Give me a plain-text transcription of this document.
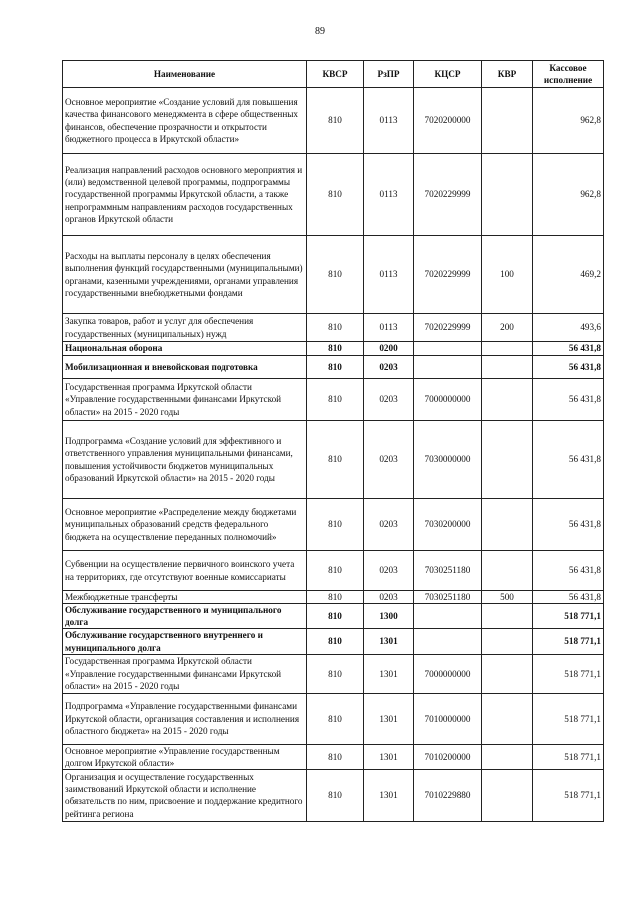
89
Наименование	КВСР	РзПР	КЦСР	КВР	Кассовое исполнение
Основное мероприятие «Создание условий для повышения качества финансового менеджмента в сфере общественных финансов, обеспечение прозрачности и открытости бюджетного процесса в Иркутской области»	810	0113	7020200000		962,8
Реализация направлений расходов основного мероприятия и (или) ведомственной целевой программы, подпрограммы государственной программы Иркутской области, а также непрограммным направлениям расходов государственных органов Иркутской области	810	0113	7020229999		962,8
Расходы на выплаты персоналу в целях обеспечения выполнения функций государственными (муниципальными) органами, казенными учреждениями, органами управления государственными внебюджетными фондами	810	0113	7020229999	100	469,2
Закупка товаров, работ и услуг для обеспечения государственных (муниципальных) нужд	810	0113	7020229999	200	493,6
Национальная оборона	810	0200			56 431,8
Мобилизационная и вневойсковая подготовка	810	0203			56 431,8
Государственная программа Иркутской области «Управление государственными финансами Иркутской области» на 2015 - 2020 годы	810	0203	7000000000		56 431,8
Подпрограмма «Создание условий для эффективного и ответственного управления муниципальными финансами, повышения устойчивости бюджетов муниципальных образований Иркутской области» на 2015 - 2020 годы	810	0203	7030000000		56 431,8
Основное мероприятие «Распределение между бюджетами муниципальных образований средств федерального бюджета на осуществление переданных полномочий»	810	0203	7030200000		56 431,8
Субвенции на осуществление первичного воинского учета на территориях, где отсутствуют военные комиссариаты	810	0203	7030251180		56 431,8
Межбюджетные трансферты	810	0203	7030251180	500	56 431,8
Обслуживание государственного и муниципального долга	810	1300			518 771,1
Обслуживание государственного внутреннего и муниципального долга	810	1301			518 771,1
Государственная программа Иркутской области «Управление государственными финансами Иркутской области» на 2015 - 2020 годы	810	1301	7000000000		518 771,1
Подпрограмма «Управление государственными финансами Иркутской области, организация составления и исполнения областного бюджета» на 2015 - 2020 годы	810	1301	7010000000		518 771,1
Основное мероприятие «Управление государственным долгом Иркутской области»	810	1301	7010200000		518 771,1
Организация и осуществление государственных заимствований Иркутской области и исполнение обязательств по ним, присвоение и поддержание кредитного рейтинга региона	810	1301	7010229880		518 771,1
